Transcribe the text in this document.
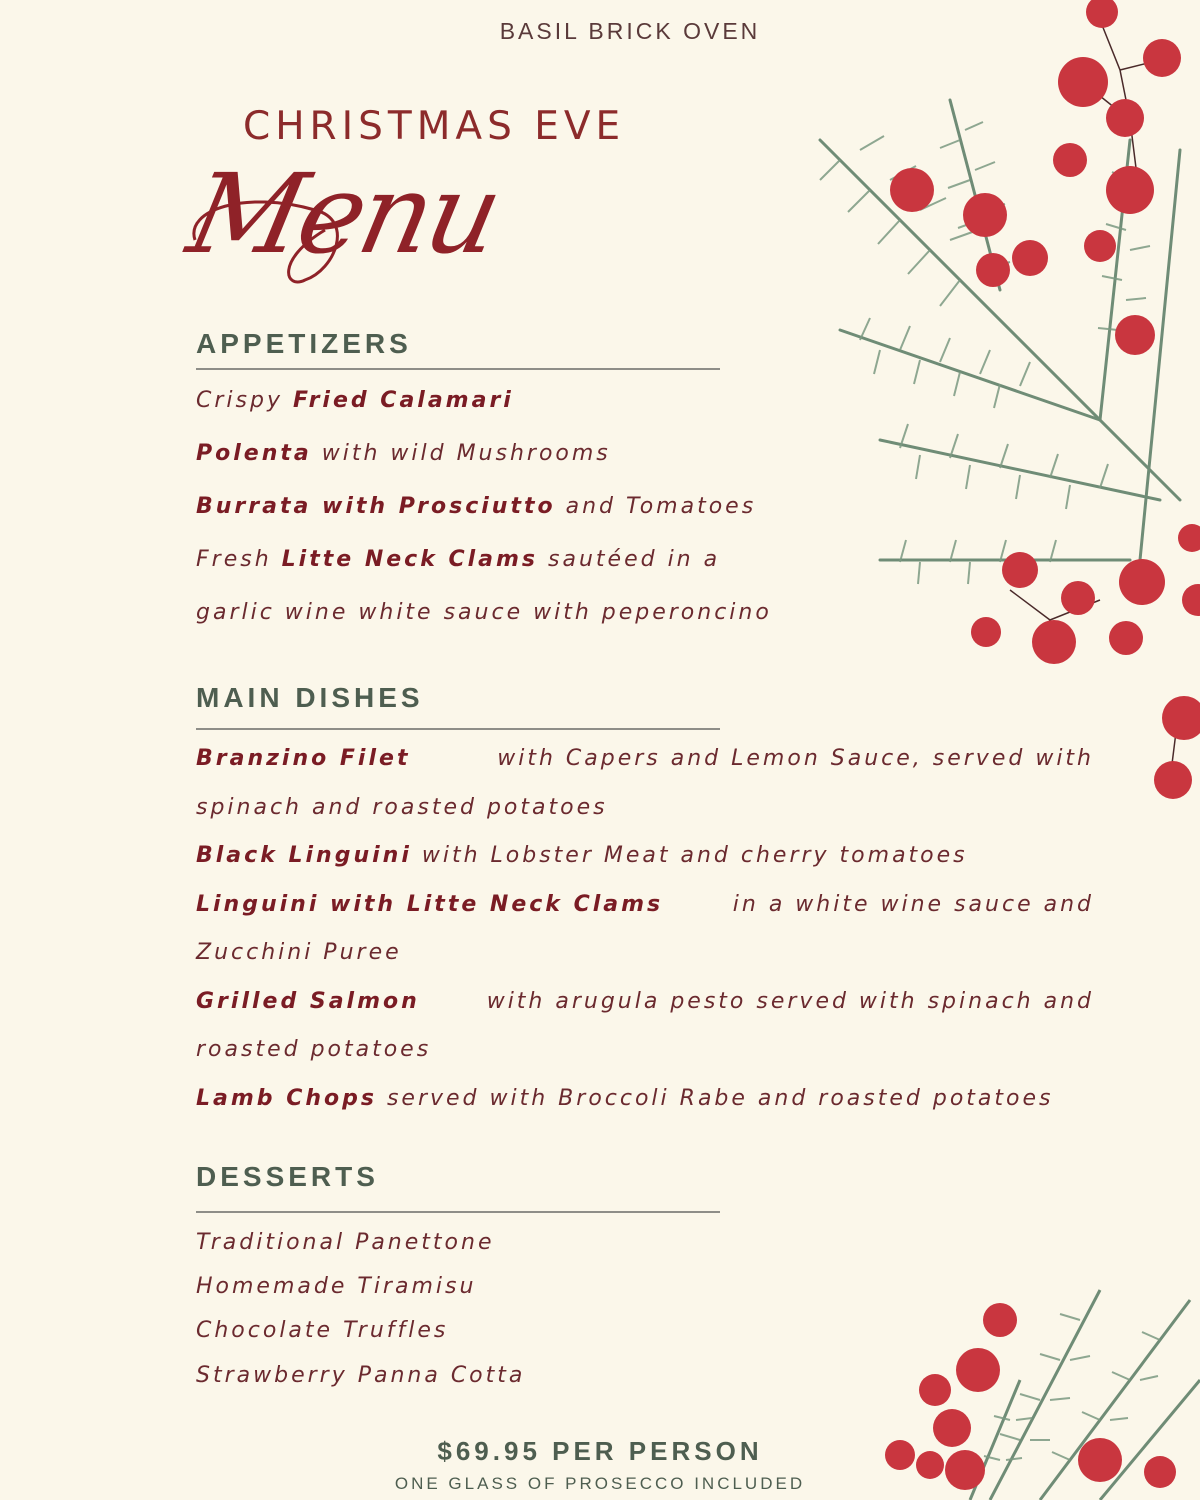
BASIL BRICK OVEN
CHRISTMAS EVE
Menu
APPETIZERS
Crispy Fried Calamari
Polenta with wild Mushrooms
Burrata with Prosciutto and Tomatoes
Fresh Litte Neck Clams sautéed in a
garlic wine white sauce with peperoncino
MAIN DISHES
Branzino Filet	with Capers and Lemon Sauce, served with
spinach and roasted potatoes
Black Linguini with Lobster Meat and cherry tomatoes
Linguini with Litte Neck Clams	in a white wine sauce and
Zucchini Puree
Grilled Salmon	with arugula pesto served with spinach and
roasted potatoes
Lamb Chops served with Broccoli Rabe and roasted potatoes
DESSERTS
Traditional Panettone
Homemade Tiramisu
Chocolate Truffles
Strawberry Panna Cotta
$69.95 PER PERSON
ONE GLASS OF PROSECCO INCLUDED
